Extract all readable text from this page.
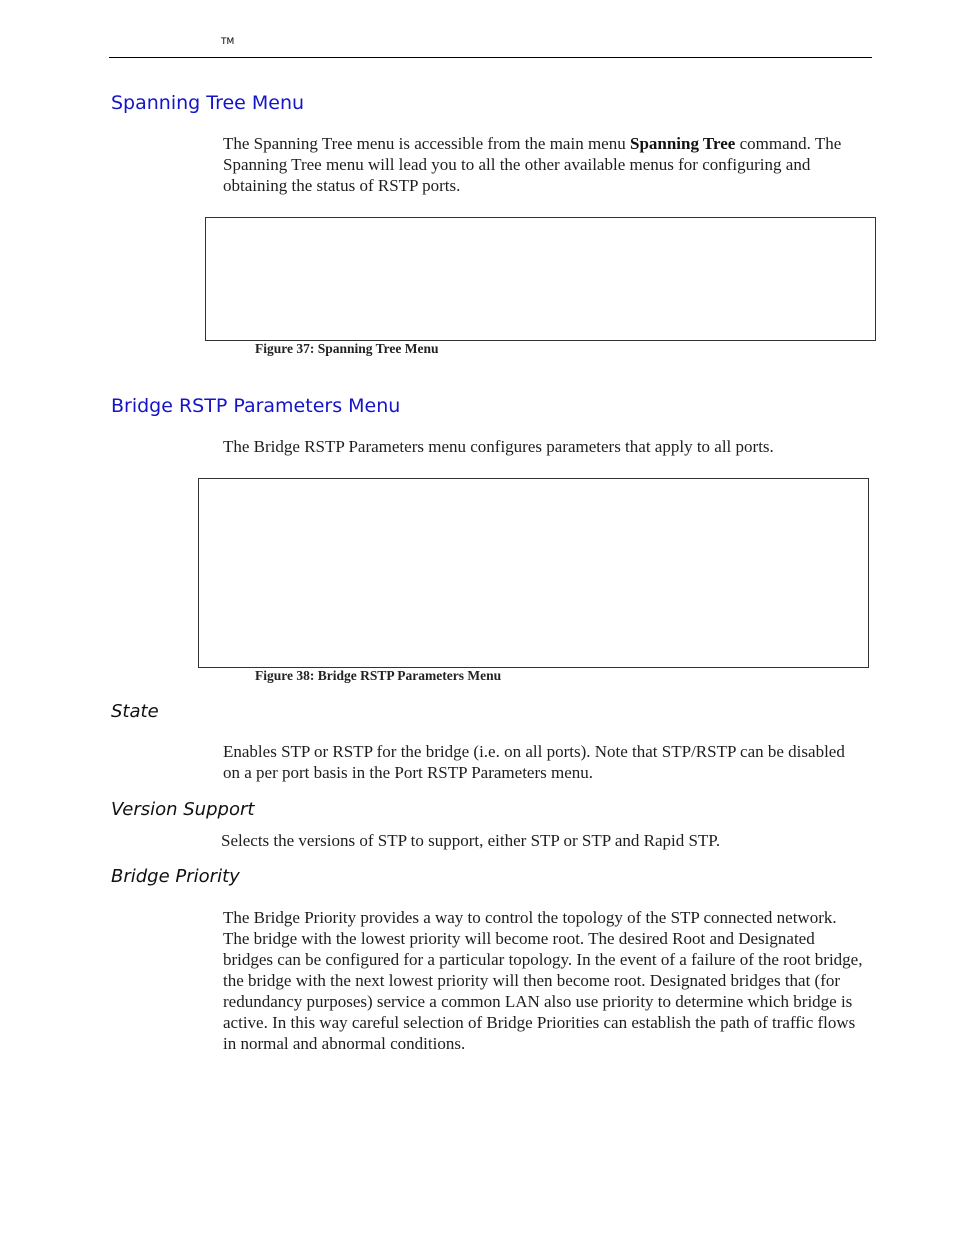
TM
Spanning Tree Menu

The Spanning Tree menu is accessible from the main menu Spanning Tree command. The Spanning Tree menu will lead you to all the other available menus for configuring and obtaining the status of RSTP ports.

Figure 37: Spanning Tree Menu
Bridge RSTP Parameters Menu

The Bridge RSTP Parameters menu configures parameters that apply to all ports.

Figure 38: Bridge RSTP Parameters Menu
State

Enables STP or RSTP for the bridge (i.e. on all ports). Note that STP/RSTP can be disabled on a per port basis in the Port RSTP Parameters menu.

Version Support

Selects the versions of STP to support, either STP or STP and Rapid STP.

Bridge Priority

The Bridge Priority provides a way to control the topology of the STP connected network. The bridge with the lowest priority will become root. The desired Root and Designated bridges can be configured for a particular topology. In the event of a failure of the root bridge, the bridge with the next lowest priority will then become root. Designated bridges that (for redundancy purposes) service a common LAN also use priority to determine which bridge is active. In this way careful selection of Bridge Priorities can establish the path of traffic flows in normal and abnormal conditions.
